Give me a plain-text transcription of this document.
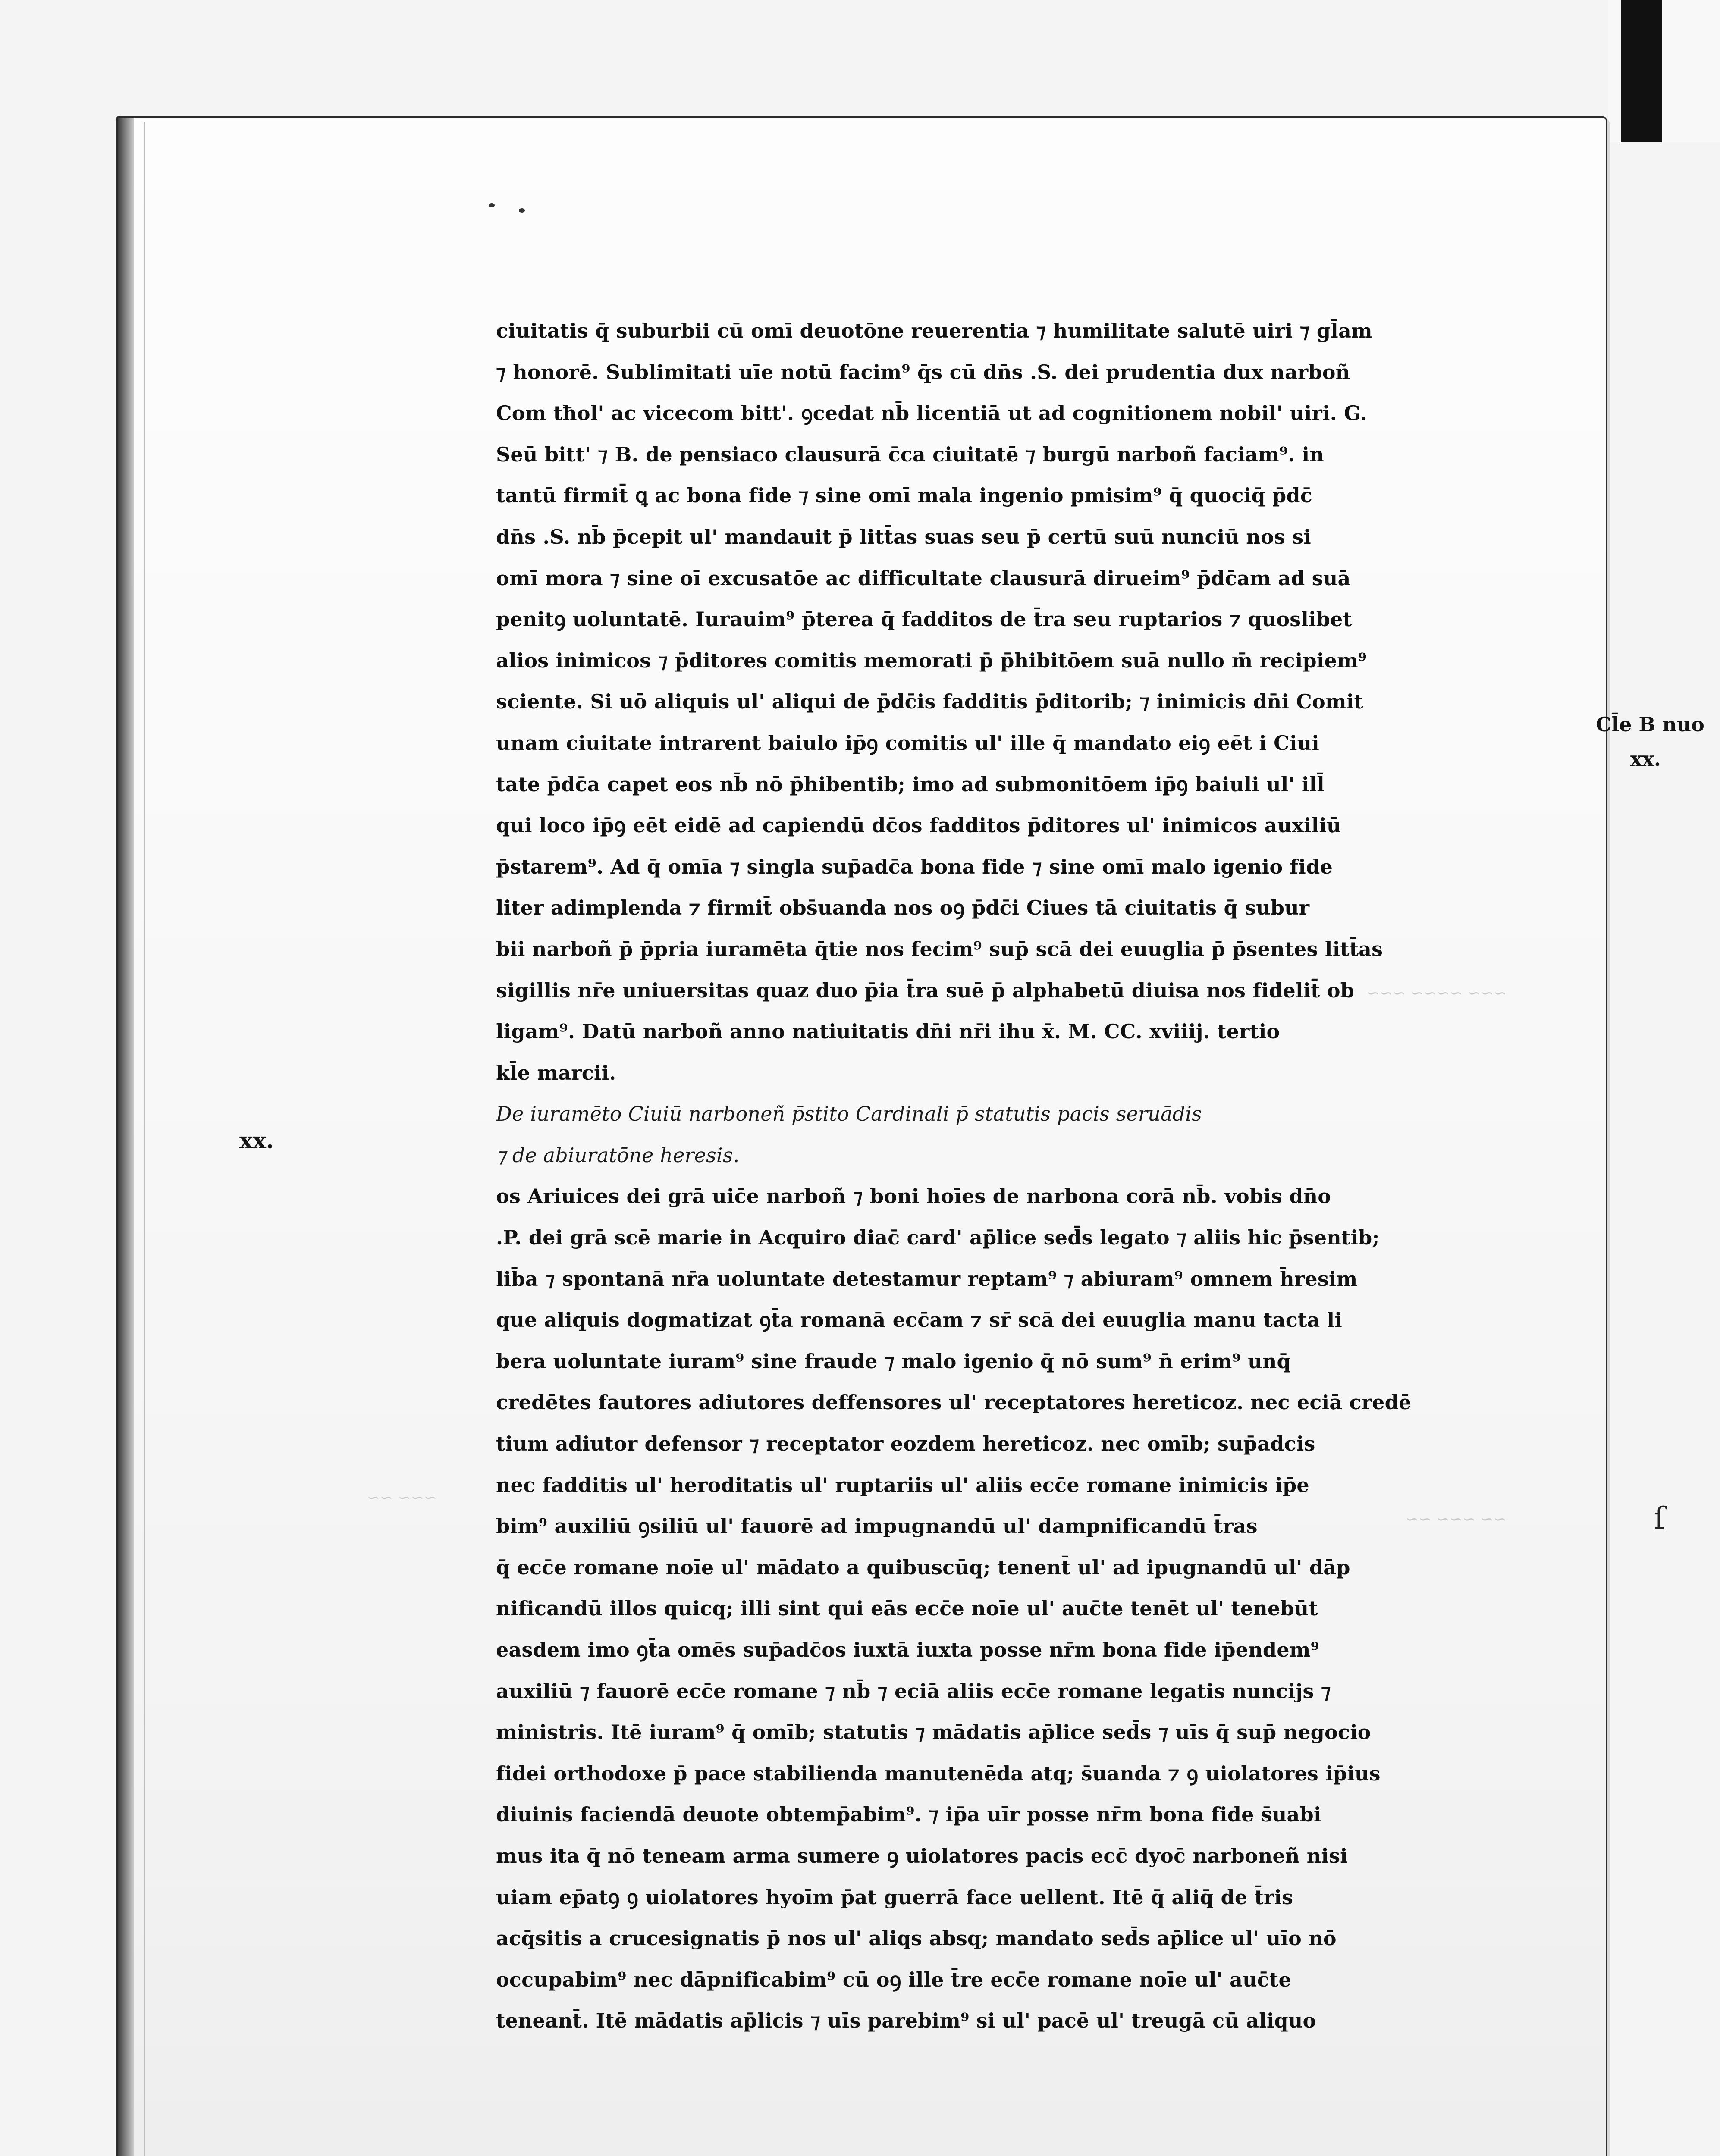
~~~ ~~~~ ~~~
~~ ~~~ ~~
~~~ ~~
ciuitatis q̄ suburbii cū omī deuotōne reuerentia ⁊ humilitate salutē uiri ⁊ gl̄am
⁊ honorē. Sublimitati uīe notū facim⁹ q̄s cū dn̄s .S. dei prudentia dux narboñ
Com tħol' ac vicecom bitt'. ꝯcedat nb̄ licentiā ut ad cognitionem nobil' uiri. G.
Seū bitt' ⁊ B. de pensiaco clausurā c̄ca ciuitatē ⁊ burgū narboñ faciam⁹. in
tantū firmit̄ ꝗ ac bona fide ⁊ sine omī mala ingenio pmisim⁹ q̄ quociq̄ p̄dc̄
dn̄s .S. nb̄ p̄cepit ul' mandauit p̄ litt̄as suas seu p̄ certū suū nunciū nos si
omī mora ⁊ sine oī excusatōe ac difficultate clausurā dirueim⁹ p̄dc̄am ad suā
penitꝯ uoluntatē. Iurauim⁹ p̄terea q̄ fadditos de t̄ra seu ruptarios ⁊ quoslibet
alios inimicos ⁊ p̄ditores comitis memorati p̄ p̄hibitōem suā nullo m̄ recipiem⁹
sciente. Si uō aliquis ul' aliqui de p̄dc̄is fadditis p̄ditorib; ⁊ inimicis dn̄i Comit
unam ciuitate intrarent baiulo ip̄ꝯ comitis ul' ille q̄ mandato eiꝯ eēt i Ciui
tate p̄dc̄a capet eos nb̄ nō p̄hibentib; imo ad submonitōem ip̄ꝯ baiuli ul' ill̄
qui loco ip̄ꝯ eēt eidē ad capiendū dc̄os fadditos p̄ditores ul' inimicos auxiliū
p̄starem⁹. Ad q̄ omīa ⁊ singla sup̄adc̄a bona fide ⁊ sine omī malo igenio fide
liter adimplenda ⁊ firmit̄ obs̄uanda nos oꝯ p̄dc̄i Ciues tā ciuitatis q̄ subur
bii narboñ p̄ p̄pria iuramēta q̄tie nos fecim⁹ sup̄ scā dei euuglia p̄ p̄sentes litt̄as
sigillis nr̄e uniuersitas quaz duo p̄ia t̄ra suē p̄ alphabetū diuisa nos fidelit̄ ob
ligam⁹. Datū narboñ anno natiuitatis dn̄i nr̄i ihu x̄. M. CC. xviiij. tertio
kl̄e marcii.
De iuramēto Ciuiū narboneñ p̄stito Cardinali p̄ statutis pacis seruādis
⁊ de abiuratōne heresis.
os Ariuices dei grā uic̄e narboñ ⁊ boni hoīes de narbona corā nb̄. vobis dn̄o
.P. dei grā scē marie in Acquiro diac̄ card' ap̄lice sed̄s legato ⁊ aliis hic p̄sentib;
lib̄a ⁊ spontanā nr̄a uoluntate detestamur reptam⁹ ⁊ abiuram⁹ omnem h̄resim
que aliquis dogmatizat ꝯt̄a romanā ecc̄am ⁊ sr̄ scā dei euuglia manu tacta li
bera uoluntate iuram⁹ sine fraude ⁊ malo igenio q̄ nō sum⁹ n̄ erim⁹ unq̄
credētes fautores adiutores deffensores ul' receptatores hereticoz. nec eciā credē
tium adiutor defensor ⁊ receptator eozdem hereticoz. nec omīb; sup̄adcis
nec fadditis ul' heroditatis ul' ruptariis ul' aliis ecc̄e romane inimicis ip̄e
bim⁹ auxiliū ꝯsiliū ul' fauorē ad impugnandū ul' dampnificandū t̄ras
q̄ ecc̄e romane noīe ul' mādato a quibuscūq; tenent̄ ul' ad ipugnandū ul' dāp
nificandū illos quicq; illi sint qui eās ecc̄e noīe ul' auc̄te tenēt ul' tenebūt
easdem imo ꝯt̄a omēs sup̄adc̄os iuxtā iuxta posse nr̄m bona fide ip̄endem⁹
auxiliū ⁊ fauorē ecc̄e romane ⁊ nb̄ ⁊ eciā aliis ecc̄e romane legatis nuncijs ⁊
ministris. Itē iuram⁹ q̄ omīb; statutis ⁊ mādatis ap̄lice sed̄s ⁊ uīs q̄ sup̄ negocio
fidei orthodoxe p̄ pace stabilienda manutenēda atq; s̄uanda ⁊ ꝯ uiolatores ip̄ius
diuinis faciendā deuote obtemp̄abim⁹. ⁊ ip̄a uīr posse nr̄m bona fide s̄uabi
mus ita q̄ nō teneam arma sumere ꝯ uiolatores pacis ecc̄ dyoc̄ narboneñ nisi
uiam ep̄atꝯ ꝯ uiolatores hyoīm p̄at guerrā face uellent. Itē q̄ aliq̄ de t̄ris
acq̄sitis a crucesignatis p̄ nos ul' aliqs absq; mandato sed̄s ap̄lice ul' uīo nō
occupabim⁹ nec dāpnificabim⁹ cū oꝯ ille t̄re ecc̄e romane noīe ul' auc̄te
teneant̄. Itē mādatis ap̄licis ⁊ uīs parebim⁹ si ul' pacē ul' treugā cū aliquo
xx.
Cl̄e B nuo
xx.
ſ
